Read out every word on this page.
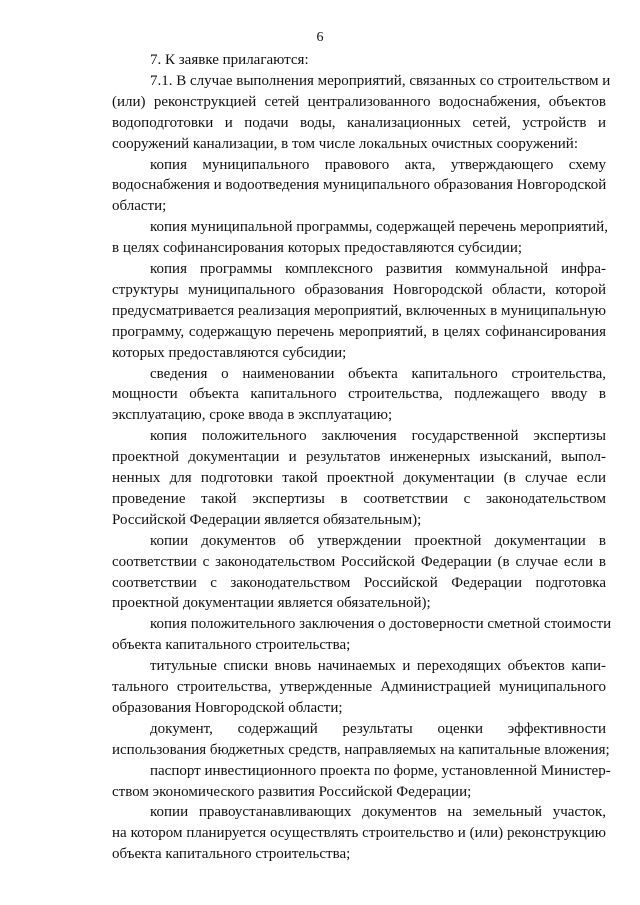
6
7. К заявке прилагаются:
7.1. В случае выполнения мероприятий, связанных со строительством и
(или) реконструкцией сетей централизованного водоснабжения, объектов
водоподготовки и подачи воды, канализационных сетей, устройств и
сооружений канализации, в том числе локальных очистных сооружений:
копия муниципального правового акта, утверждающего схему
водоснабжения и водоотведения муниципального образования Новгородской
области;
копия муниципальной программы, содержащей перечень мероприятий,
в целях софинансирования которых предоставляются субсидии;
копия программы комплексного развития коммунальной инфра-
структуры муниципального образования Новгородской области, которой
предусматривается реализация мероприятий, включенных в муниципальную
программу, содержащую перечень мероприятий, в целях софинансирования
которых предоставляются субсидии;
сведения о наименовании объекта капитального строительства,
мощности объекта капитального строительства, подлежащего вводу в
эксплуатацию, сроке ввода в эксплуатацию;
копия положительного заключения государственной экспертизы
проектной документации и результатов инженерных изысканий, выпол-
ненных для подготовки такой проектной документации (в случае если
проведение такой экспертизы в соответствии с законодательством
Российской Федерации является обязательным);
копии документов об утверждении проектной документации в
соответствии с законодательством Российской Федерации (в случае если в
соответствии с законодательством Российской Федерации подготовка
проектной документации является обязательной);
копия положительного заключения о достоверности сметной стоимости
объекта капитального строительства;
титульные списки вновь начинаемых и переходящих объектов капи-
тального строительства, утвержденные Администрацией муниципального
образования Новгородской области;
документ, содержащий результаты оценки эффективности
использования бюджетных средств, направляемых на капитальные вложения;
паспорт инвестиционного проекта по форме, установленной Министер-
ством экономического развития Российской Федерации;
копии правоустанавливающих документов на земельный участок,
на котором планируется осуществлять строительство и (или) реконструкцию
объекта капитального строительства;
